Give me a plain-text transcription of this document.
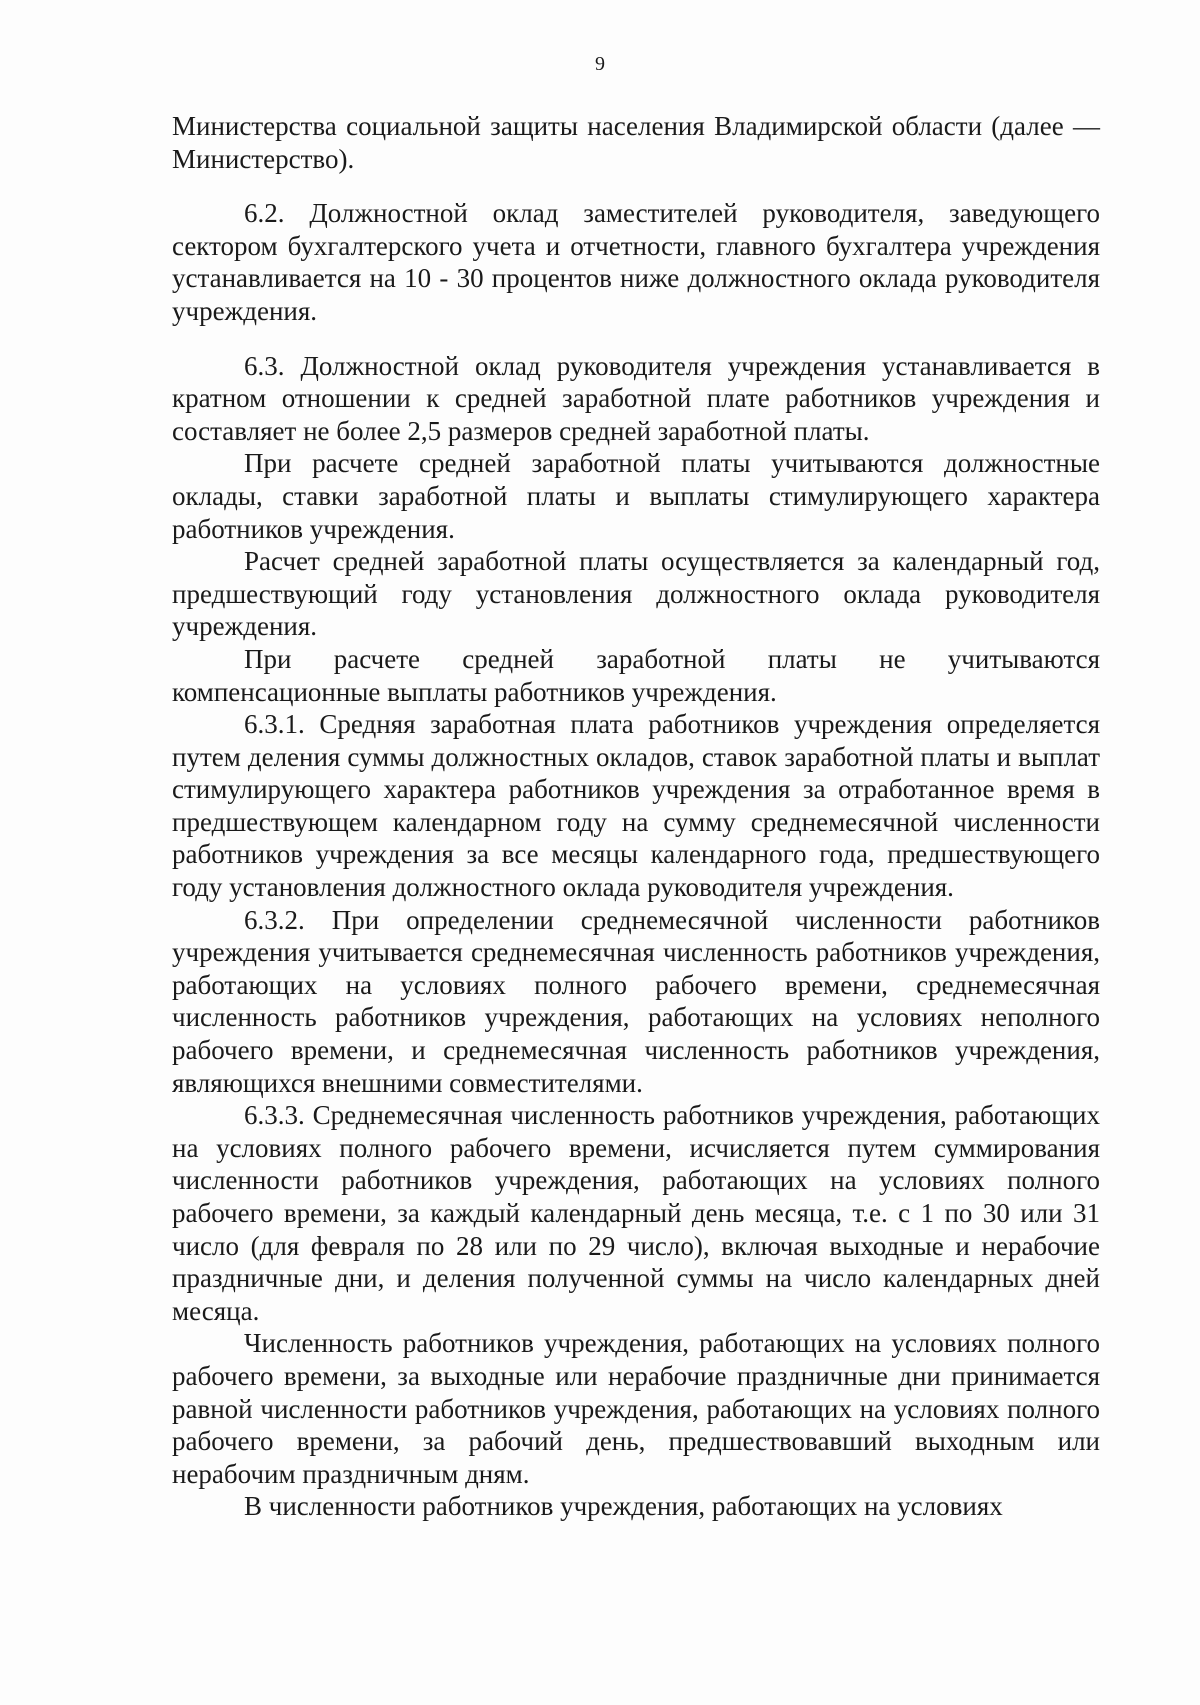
9

Министерства социальной защиты населения Владимирской области (далее — Министерство).

6.2. Должностной оклад заместителей руководителя, заведующего сектором бухгалтерского учета и отчетности, главного бухгалтера учреждения устанавливается на 10 - 30 процентов ниже должностного оклада руководителя учреждения.

6.3. Должностной оклад руководителя учреждения устанавливается в кратном отношении к средней заработной плате работников учреждения и составляет не более 2,5 размеров средней заработной платы.

При расчете средней заработной платы учитываются должностные оклады, ставки заработной платы и выплаты стимулирующего характера работников учреждения.

Расчет средней заработной платы осуществляется за календарный год, предшествующий году установления должностного оклада руководителя учреждения.

При расчете средней заработной платы не учитываются компенсационные выплаты работников учреждения.

6.3.1. Средняя заработная плата работников учреждения определяется путем деления суммы должностных окладов, ставок заработной платы и выплат стимулирующего характера работников учреждения за отработанное время в предшествующем календарном году на сумму среднемесячной численности работников учреждения за все месяцы календарного года, предшествующего году установления должностного оклада руководителя учреждения.

6.3.2. При определении среднемесячной численности работников учреждения учитывается среднемесячная численность работников учреждения, работающих на условиях полного рабочего времени, среднемесячная численность работников учреждения, работающих на условиях неполного рабочего времени, и среднемесячная численность работников учреждения, являющихся внешними совместителями.

6.3.3. Среднемесячная численность работников учреждения, работающих на условиях полного рабочего времени, исчисляется путем суммирования численности работников учреждения, работающих на условиях полного рабочего времени, за каждый календарный день месяца, т.е. с 1 по 30 или 31 число (для февраля по 28 или по 29 число), включая выходные и нерабочие праздничные дни, и деления полученной суммы на число календарных дней месяца.

Численность работников учреждения, работающих на условиях полного рабочего времени, за выходные или нерабочие праздничные дни принимается равной численности работников учреждения, работающих на условиях полного рабочего времени, за рабочий день, предшествовавший выходным или нерабочим праздничным дням.

В численности работников учреждения, работающих на условиях
